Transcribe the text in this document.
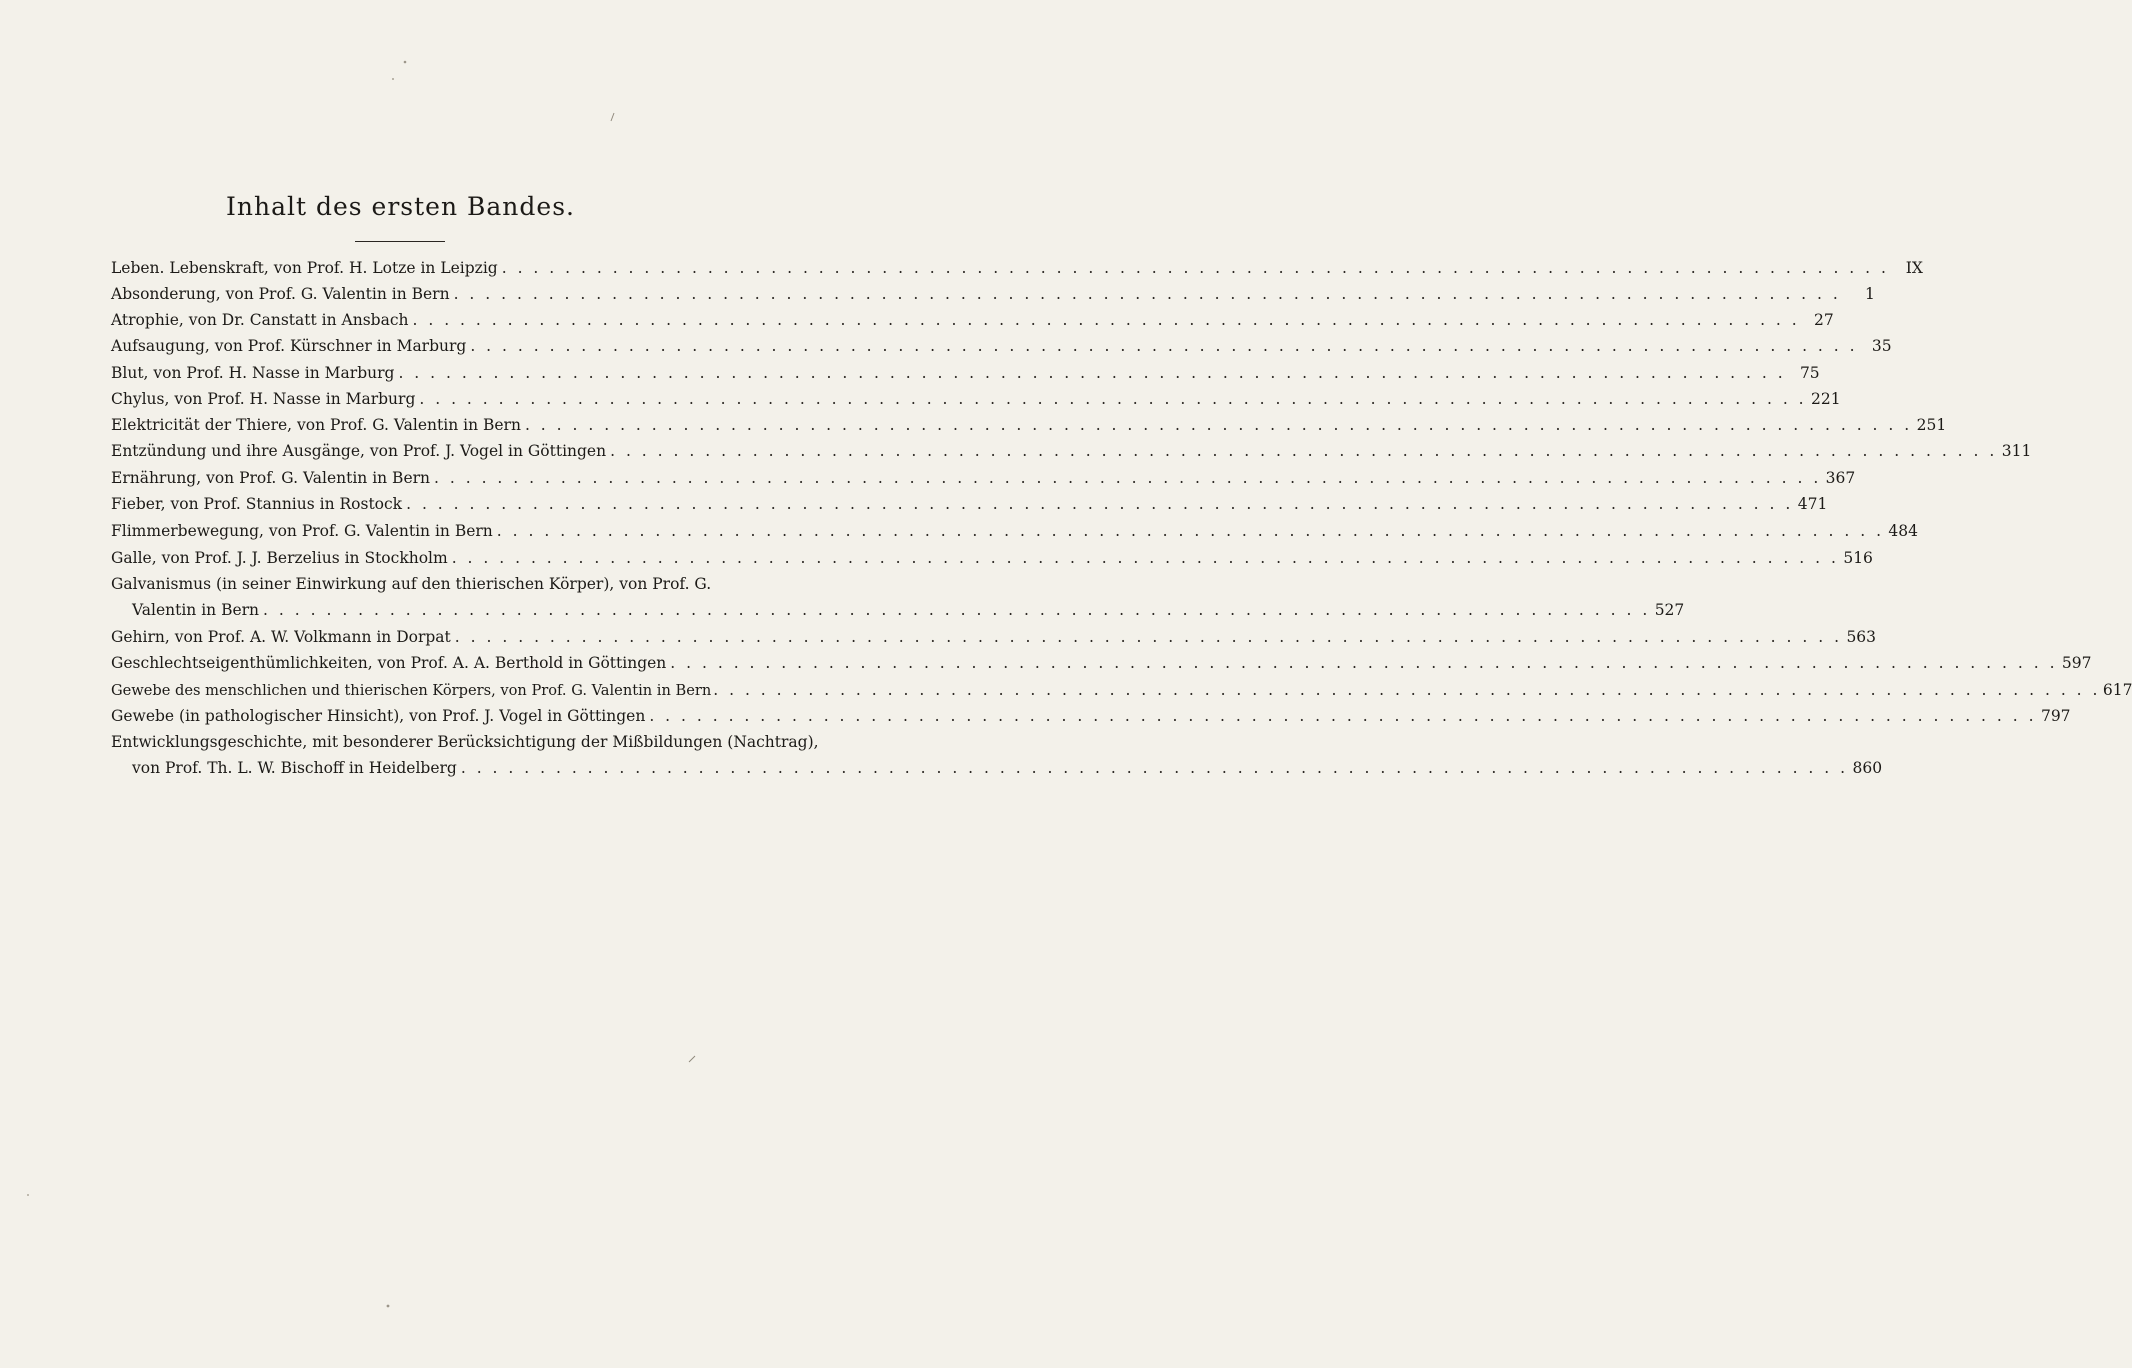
Inhalt des ersten Bandes.
Leben. Lebenskraft, von Prof. H. Lotze in Leipzig . . .	IX
Absonderung, von Prof. G. Valentin in Bern . . .	1
Atrophie, von Dr. Canstatt in Ansbach . . .	27
Aufsaugung, von Prof. Kürschner in Marburg . . .	35
Blut, von Prof. H. Nasse in Marburg . . .	75
Chylus, von Prof. H. Nasse in Marburg . . .	221
Elektricität der Thiere, von Prof. G. Valentin in Bern . . .	251
Entzündung und ihre Ausgänge, von Prof. J. Vogel in Göttingen . . .	311
Ernährung, von Prof. G. Valentin in Bern . . .	367
Fieber, von Prof. Stannius in Rostock . . .	471
Flimmerbewegung, von Prof. G. Valentin in Bern . . .	484
Galle, von Prof. J. J. Berzelius in Stockholm . . .	516
Galvanismus (in seiner Einwirkung auf den thierischen Körper), von Prof. G.
Valentin in Bern . . .	527
Gehirn, von Prof. A. W. Volkmann in Dorpat . . .	563
Geschlechtseigenthümlichkeiten, von Prof. A. A. Berthold in Göttingen . . .	597
Gewebe des menschlichen und thierischen Körpers, von Prof. G. Valentin in Bern . . .	617
Gewebe (in pathologischer Hinsicht), von Prof. J. Vogel in Göttingen . . .	797
Entwicklungsgeschichte, mit besonderer Berücksichtigung der Mißbildungen (Nachtrag),
von Prof. Th. L. W. Bischoff in Heidelberg . . .	860
